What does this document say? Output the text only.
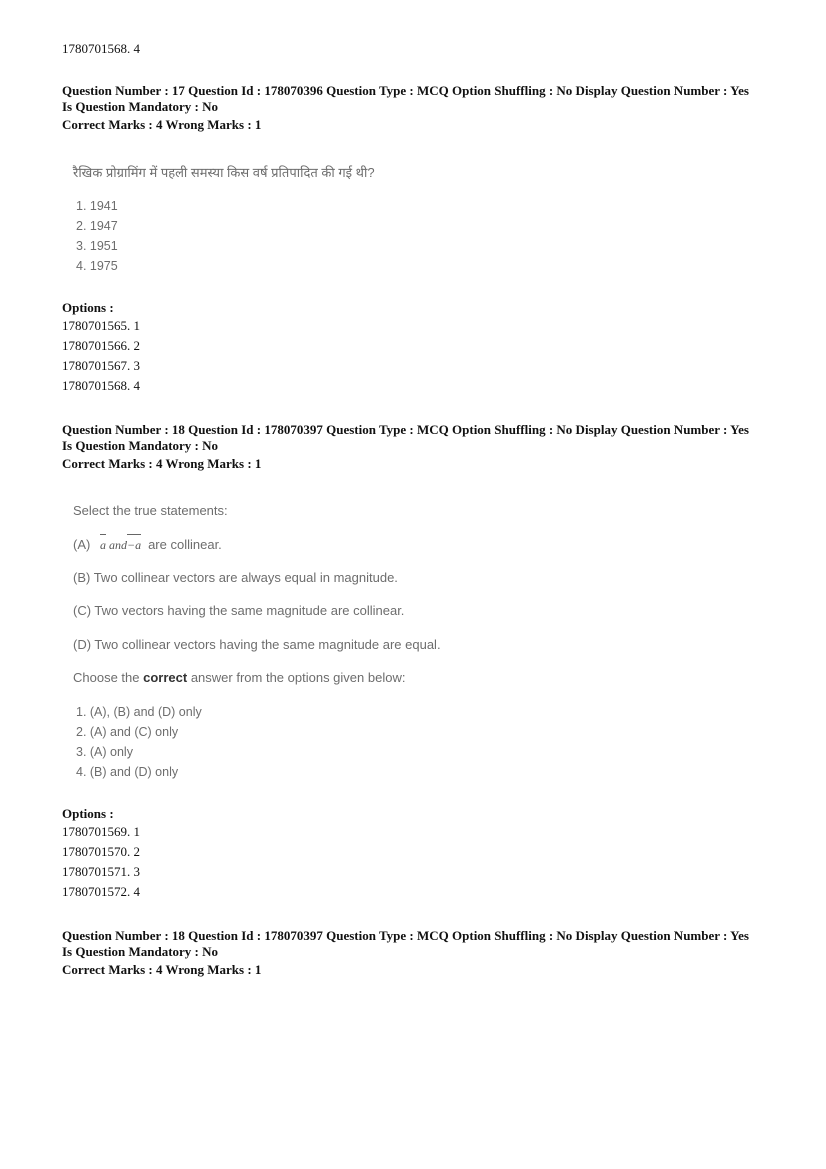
1780701568. 4
Question Number : 17 Question Id : 178070396 Question Type : MCQ Option Shuffling : No Display Question Number : Yes
Is Question Mandatory : No
Correct Marks : 4 Wrong Marks : 1
रैखिक प्रोग्रामिंग में पहली समस्या किस वर्ष प्रतिपादित की गई थी?
1. 1941
2. 1947
3. 1951
4. 1975
Options :
1780701565. 1
1780701566. 2
1780701567. 3
1780701568. 4
Question Number : 18 Question Id : 178070397 Question Type : MCQ Option Shuffling : No Display Question Number : Yes
Is Question Mandatory : No
Correct Marks : 4 Wrong Marks : 1
Select the true statements:
(A) a and
−a are collinear.
(B) Two collinear vectors are always equal in magnitude.
(C) Two vectors having the same magnitude are collinear.
(D) Two collinear vectors having the same magnitude are equal.
Choose the correct answer from the options given below:
1. (A), (B) and (D) only
2. (A) and (C) only
3. (A) only
4. (B) and (D) only
Options :
1780701569. 1
1780701570. 2
1780701571. 3
1780701572. 4
Question Number : 18 Question Id : 178070397 Question Type : MCQ Option Shuffling : No Display Question Number : Yes
Is Question Mandatory : No
Correct Marks : 4 Wrong Marks : 1
